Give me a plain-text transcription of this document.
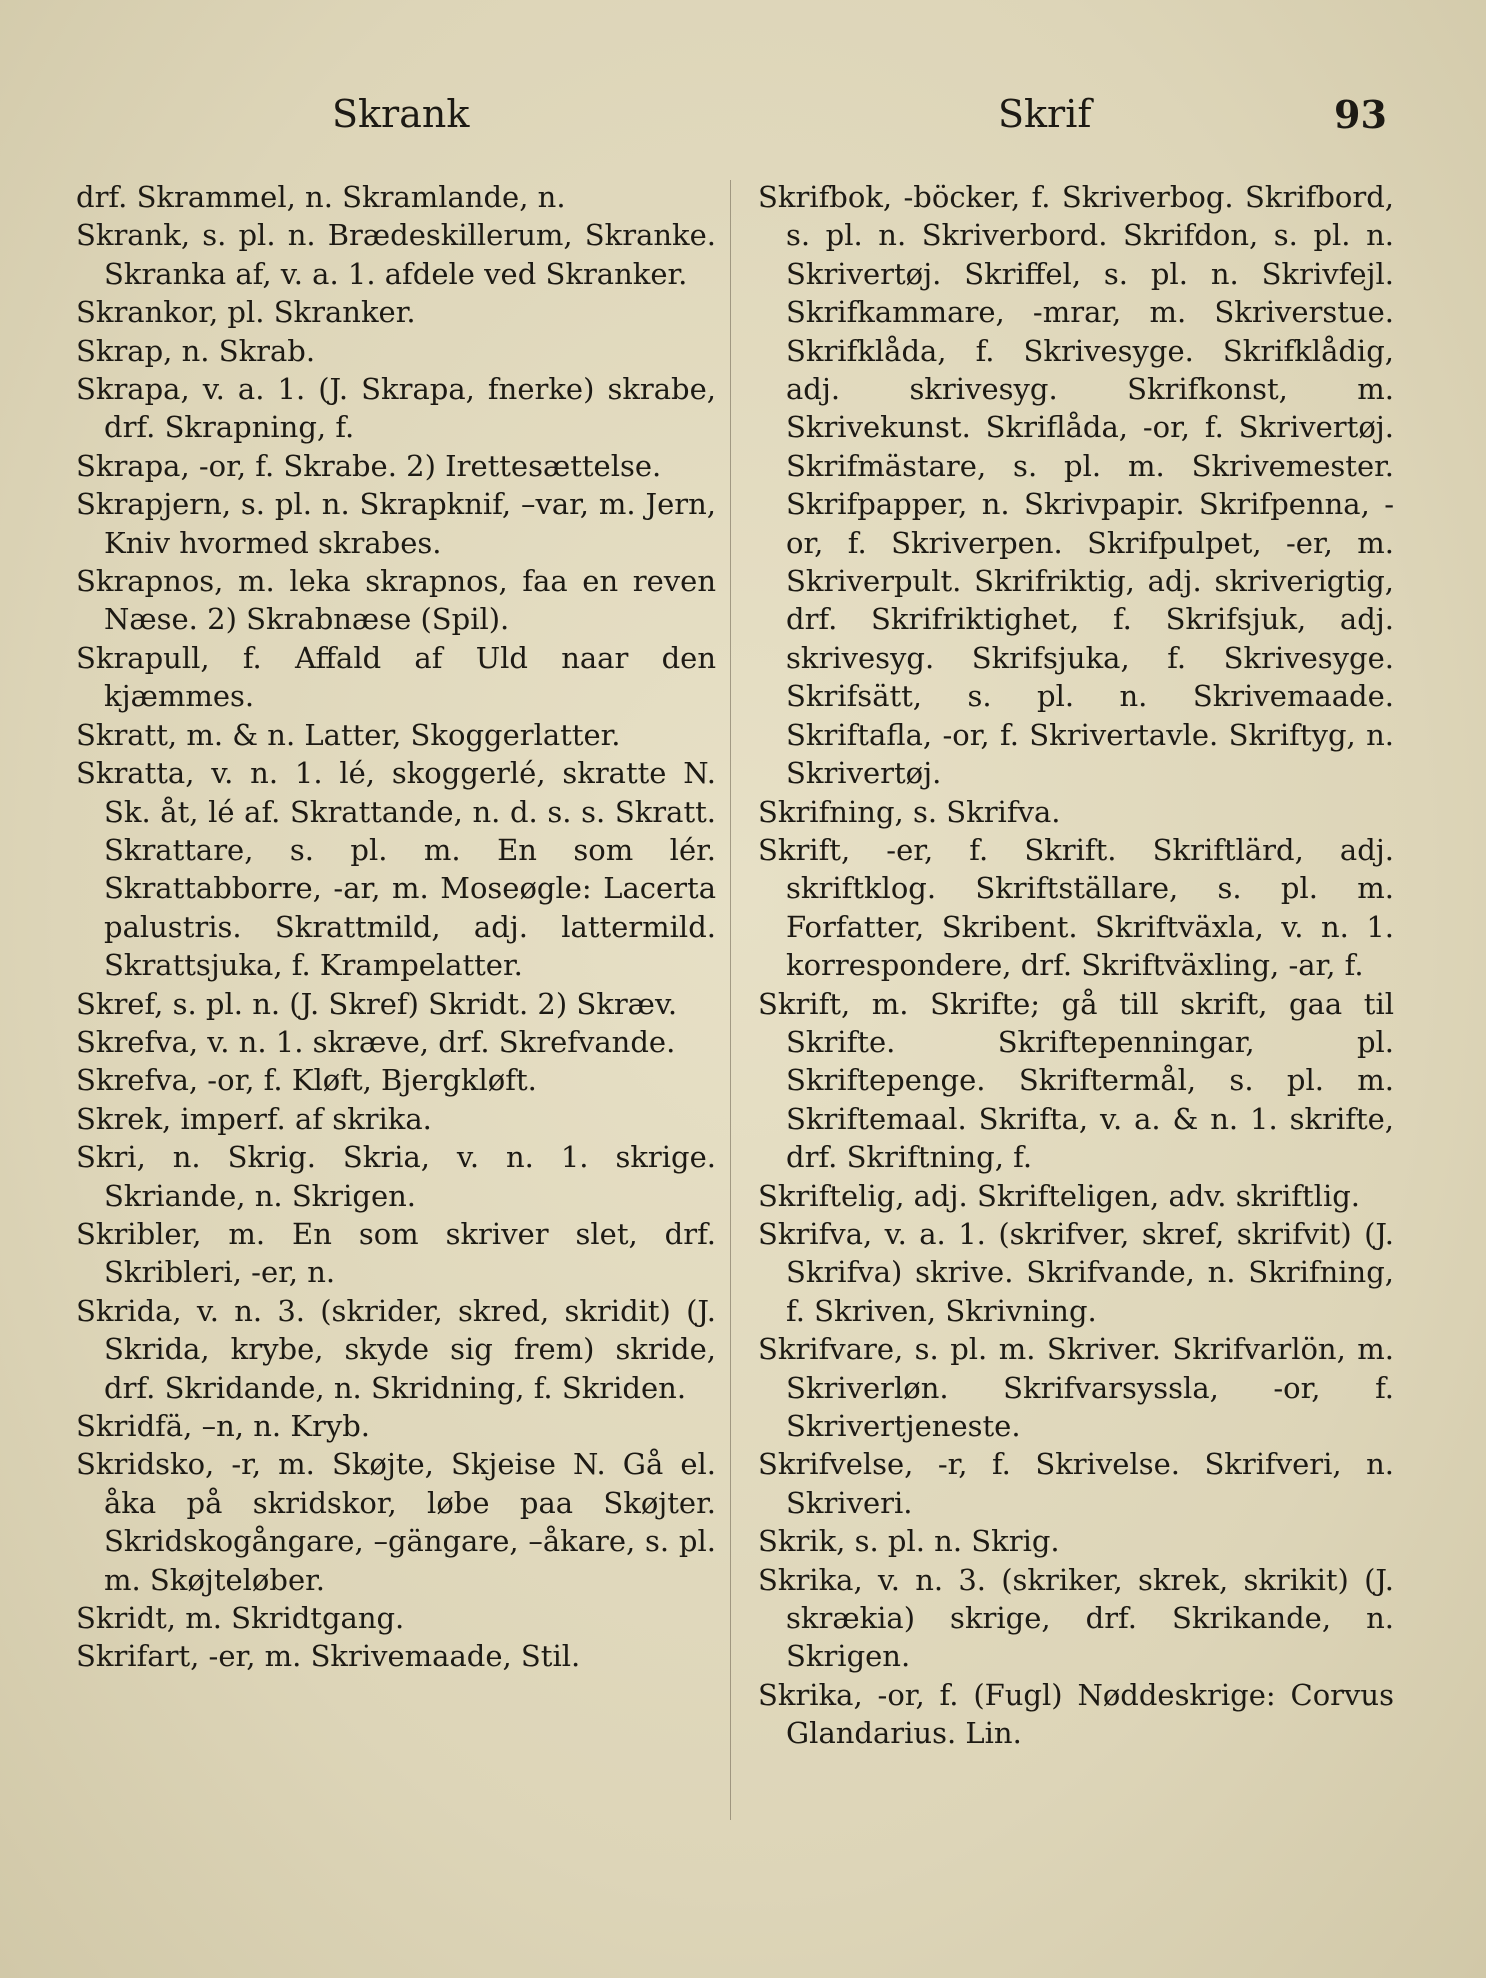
Skrank	Skrif	93
drf. Skrammel, n. Skramlande, n.
Skrank, s. pl. n. Brædeskillerum, Skranke. Skranka af, v. a. 1. afdele ved Skranker.
Skrankor, pl. Skranker.
Skrap, n. Skrab.
Skrapa, v. a. 1. (J. Skrapa, fnerke) skrabe, drf. Skrapning, f.
Skrapa, -or, f. Skrabe. 2) Irettesættelse.
Skrapjern, s. pl. n. Skrapknif, –var, m. Jern, Kniv hvormed skrabes.
Skrapnos, m. leka skrapnos, faa en reven Næse. 2) Skrabnæse (Spil).
Skrapull, f. Affald af Uld naar den kjæmmes.
Skratt, m. & n. Latter, Skoggerlatter.
Skratta, v. n. 1. lé, skoggerlé, skratte N. Sk. åt, lé af. Skrattande, n. d. s. s. Skratt. Skrattare, s. pl. m. En som lér. Skrattabborre, -ar, m. Moseøgle: Lacerta palustris. Skrattmild, adj. lattermild. Skrattsjuka, f. Krampelatter.
Skref, s. pl. n. (J. Skref) Skridt. 2) Skræv.
Skrefva, v. n. 1. skræve, drf. Skrefvande.
Skrefva, -or, f. Kløft, Bjergkløft.
Skrek, imperf. af skrika.
Skri, n. Skrig. Skria, v. n. 1. skrige. Skriande, n. Skrigen.
Skribler, m. En som skriver slet, drf. Skribleri, -er, n.
Skrida, v. n. 3. (skrider, skred, skridit) (J. Skrida, krybe, skyde sig frem) skride, drf. Skridande, n. Skridning, f. Skriden.
Skridfä, –n, n. Kryb.
Skridsko, -r, m. Skøjte, Skjeise N. Gå el. åka på skridskor, løbe paa Skøjter. Skridskogångare, –gängare, –åkare, s. pl. m. Skøjteløber.
Skridt, m. Skridtgang.
Skrifart, -er, m. Skrivemaade, Stil.
Skrifbok, -böcker, f. Skriverbog. Skrifbord, s. pl. n. Skriverbord. Skrifdon, s. pl. n. Skrivertøj. Skriffel, s. pl. n. Skrivfejl. Skrifkammare, -mrar, m. Skriverstue. Skrifklåda, f. Skrivesyge. Skrifklådig, adj. skrivesyg. Skrifkonst, m. Skrivekunst. Skriflåda, -or, f. Skrivertøj. Skrifmästare, s. pl. m. Skrivemester. Skrifpapper, n. Skrivpapir. Skrifpenna, -or, f. Skriverpen. Skrifpulpet, -er, m. Skriverpult. Skrifriktig, adj. skriverigtig, drf. Skrifriktighet, f. Skrifsjuk, adj. skrivesyg. Skrifsjuka, f. Skrivesyge. Skrifsätt, s. pl. n. Skrivemaade. Skriftafla, -or, f. Skrivertavle. Skriftyg, n. Skrivertøj.
Skrifning, s. Skrifva.
Skrift, -er, f. Skrift. Skriftlärd, adj. skriftklog. Skriftställare, s. pl. m. Forfatter, Skribent. Skriftväxla, v. n. 1. korrespondere, drf. Skriftväxling, -ar, f.
Skrift, m. Skrifte; gå till skrift, gaa til Skrifte. Skriftepenningar, pl. Skriftepenge. Skriftermål, s. pl. m. Skriftemaal. Skrifta, v. a. & n. 1. skrifte, drf. Skriftning, f.
Skriftelig, adj. Skrifteligen, adv. skriftlig.
Skrifva, v. a. 1. (skrifver, skref, skrifvit) (J. Skrifva) skrive. Skrifvande, n. Skrifning, f. Skriven, Skrivning.
Skrifvare, s. pl. m. Skriver. Skrifvarlön, m. Skriverløn. Skrifvarsyssla, -or, f. Skrivertjeneste.
Skrifvelse, -r, f. Skrivelse. Skrifveri, n. Skriveri.
Skrik, s. pl. n. Skrig.
Skrika, v. n. 3. (skriker, skrek, skrikit) (J. skrækia) skrige, drf. Skrikande, n. Skrigen.
Skrika, -or, f. (Fugl) Nøddeskrige: Corvus Glandarius. Lin.
